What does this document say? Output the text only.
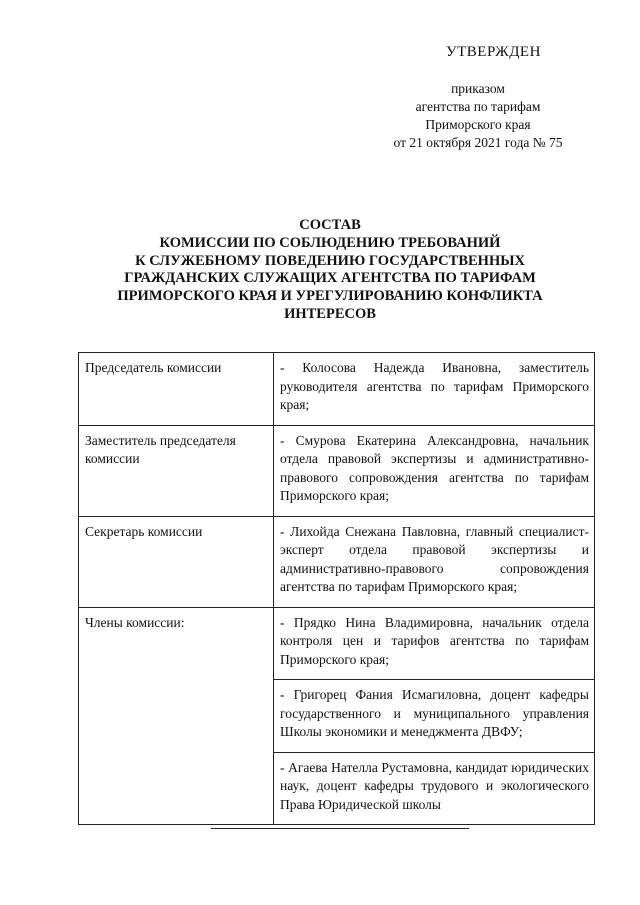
УТВЕРЖДЕН
приказом
агентства по тарифам
Приморского края
от 21 октября 2021 года № 75
СОСТАВ
КОМИССИИ ПО СОБЛЮДЕНИЮ ТРЕБОВАНИЙ
К СЛУЖЕБНОМУ ПОВЕДЕНИЮ ГОСУДАРСТВЕННЫХ
ГРАЖДАНСКИХ СЛУЖАЩИХ АГЕНТСТВА ПО ТАРИФАМ
ПРИМОРСКОГО КРАЯ И УРЕГУЛИРОВАНИЮ КОНФЛИКТА
ИНТЕРЕСОВ
Председатель комиссии	- Колосова Надежда Ивановна, заместитель руководителя агентства по тарифам Приморского края;
Заместитель председателя комиссии	- Смурова Екатерина Александровна, начальник отдела правовой экспертизы и административно-правового сопровождения агентства по тарифам Приморского края;
Секретарь комиссии	- Лихойда Снежана Павловна, главный специалист-эксперт отдела правовой экспертизы и административно-правового сопровождения агентства по тарифам Приморского края;
Члены комиссии:	- Прядко Нина Владимировна, начальник отдела контроля цен и тарифов агентства по тарифам Приморского края;
	- Григорец Фания Исмагиловна, доцент кафедры государственного и муниципального управления Школы экономики и менеджмента ДВФУ;
	- Агаева Нателла Рустамовна, кандидат юридических наук, доцент кафедры трудового и экологического Права Юридической школы
